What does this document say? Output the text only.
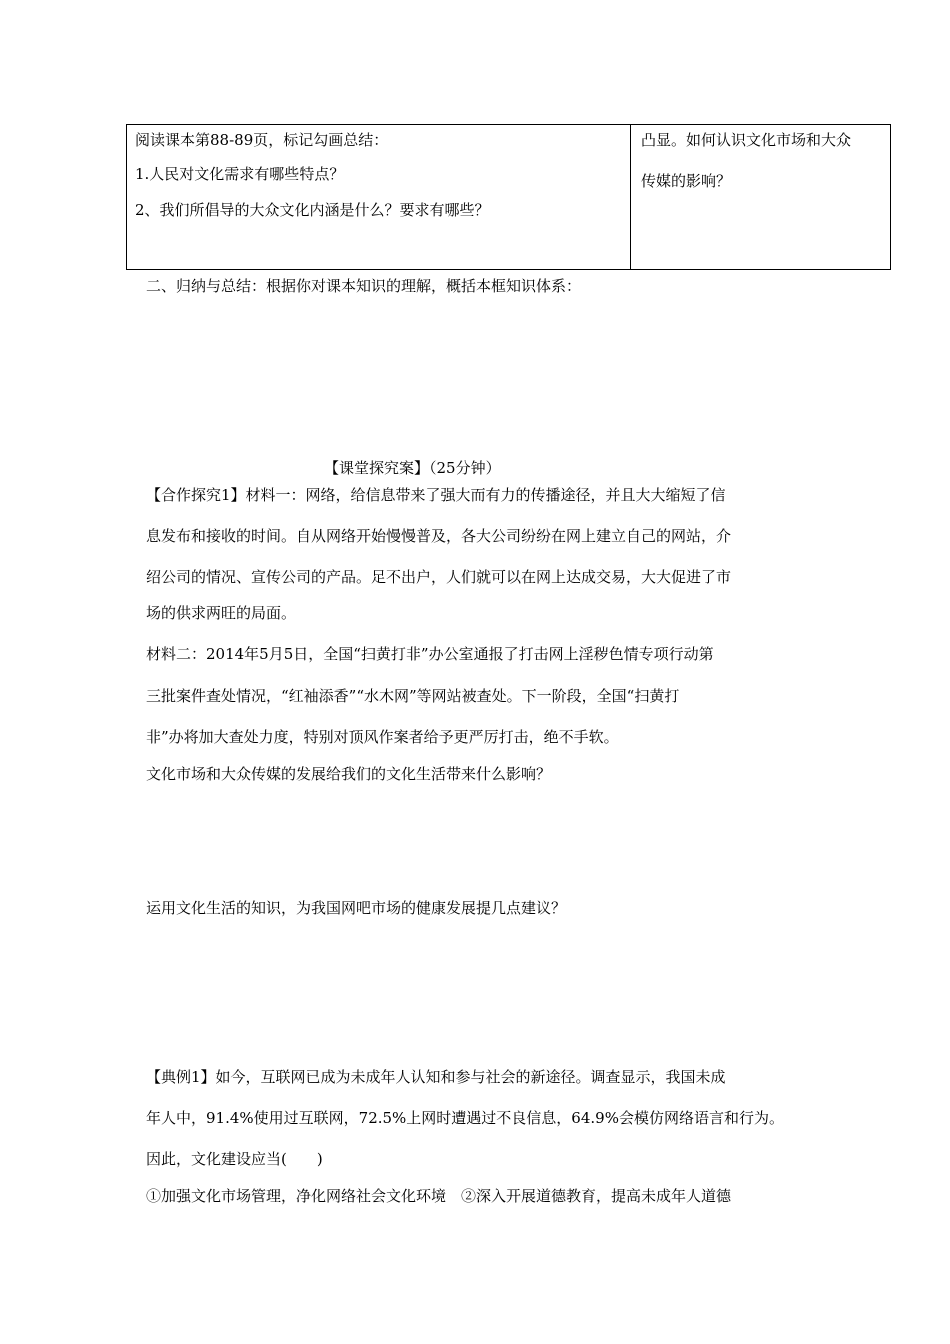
阅读课本第88-89页，标记勾画总结：
1.人民对文化需求有哪些特点？
2、我们所倡导的大众文化内涵是什么？要求有哪些？
凸显。如何认识文化市场和大众
传媒的影响？
二、归纳与总结：根据你对课本知识的理解，概括本框知识体系：
【课堂探究案】（25分钟）
【合作探究1】材料一：网络，给信息带来了强大而有力的传播途径，并且大大缩短了信
息发布和接收的时间。自从网络开始慢慢普及，各大公司纷纷在网上建立自己的网站，介
绍公司的情况、宣传公司的产品。足不出户，人们就可以在网上达成交易，大大促进了市
场的供求两旺的局面。
材料二：2014年5月5日，全国“扫黄打非”办公室通报了打击网上淫秽色情专项行动第
三批案件查处情况，“红袖添香”“水木网”等网站被查处。下一阶段，全国“扫黄打
非”办将加大查处力度，特别对顶风作案者给予更严厉打击，绝不手软。
文化市场和大众传媒的发展给我们的文化生活带来什么影响？
运用文化生活的知识，为我国网吧市场的健康发展提几点建议？
【典例1】如今，互联网已成为未成年人认知和参与社会的新途径。调查显示，我国未成
年人中，91.4%使用过互联网，72.5%上网时遭遇过不良信息，64.9%会模仿网络语言和行为。
因此，文化建设应当(　　)
①加强文化市场管理，净化网络社会文化环境　②深入开展道德教育，提高未成年人道德
